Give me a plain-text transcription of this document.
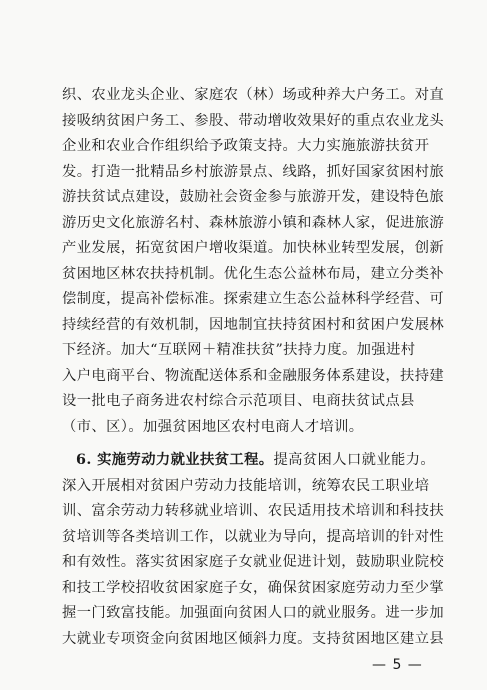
织、农业龙头企业、家庭农（林）场或种养大户务工。对直
接吸纳贫困户务工、参股、带动增收效果好的重点农业龙头
企业和农业合作组织给予政策支持。大力实施旅游扶贫开
发。打造一批精品乡村旅游景点、线路，抓好国家贫困村旅
游扶贫试点建设，鼓励社会资金参与旅游开发，建设特色旅
游历史文化旅游名村、森林旅游小镇和森林人家，促进旅游
产业发展，拓宽贫困户增收渠道。加快林业转型发展，创新
贫困地区林农扶持机制。优化生态公益林布局，建立分类补
偿制度，提高补偿标准。探索建立生态公益林科学经营、可
持续经营的有效机制，因地制宜扶持贫困村和贫困户发展林
下经济。加大“互联网＋精准扶贫”扶持力度。加强进村
入户电商平台、物流配送体系和金融服务体系建设，扶持建
设一批电子商务进农村综合示范项目、电商扶贫试点县
（市、区）。加强贫困地区农村电商人才培训。
6. 实施劳动力就业扶贫工程。提高贫困人口就业能力。
深入开展相对贫困户劳动力技能培训，统筹农民工职业培
训、富余劳动力转移就业培训、农民适用技术培训和科技扶
贫培训等各类培训工作，以就业为导向，提高培训的针对性
和有效性。落实贫困家庭子女就业促进计划，鼓励职业院校
和技工学校招收贫困家庭子女，确保贫困家庭劳动力至少掌
握一门致富技能。加强面向贫困人口的就业服务。进一步加
大就业专项资金向贫困地区倾斜力度。支持贫困地区建立县
— 5 —
